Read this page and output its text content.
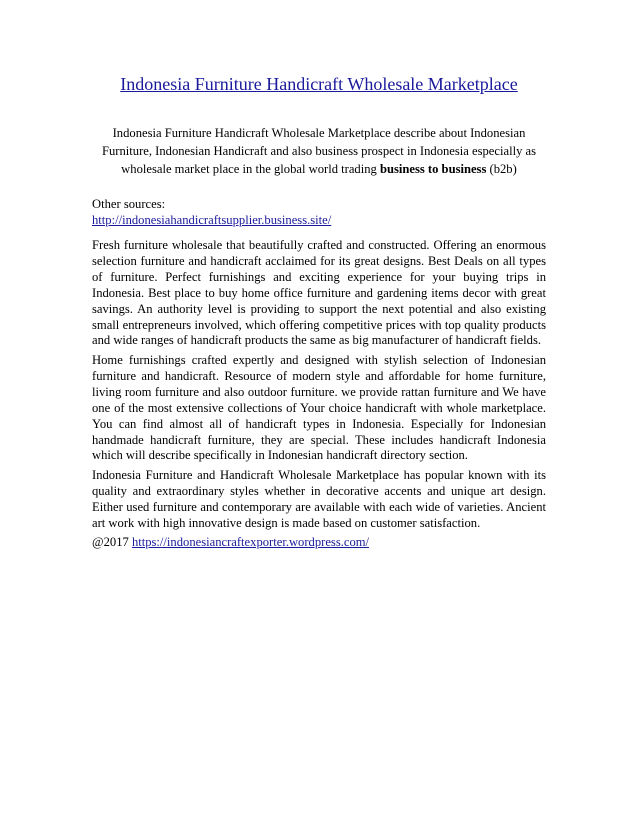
Indonesia Furniture Handicraft Wholesale Marketplace
Indonesia Furniture Handicraft Wholesale Marketplace describe about Indonesian Furniture, Indonesian Handicraft and also business prospect in Indonesia especially as wholesale market place in the global world trading business to business (b2b)
Other sources:
http://indonesiahandicraftsupplier.business.site/
Fresh furniture wholesale that beautifully crafted and constructed. Offering an enormous selection furniture and handicraft acclaimed for its great designs. Best Deals on all types of furniture. Perfect furnishings and exciting experience for your buying trips in Indonesia. Best place to buy home office furniture and gardening items decor with great savings. An authority level is providing to support the next potential and also existing small entrepreneurs involved, which offering competitive prices with top quality products and wide ranges of handicraft products the same as big manufacturer of handicraft fields.
Home furnishings crafted expertly and designed with stylish selection of Indonesian furniture and handicraft. Resource of modern style and affordable for home furniture, living room furniture and also outdoor furniture. we provide rattan furniture and We have one of the most extensive collections of Your choice handicraft with whole marketplace. You can find almost all of handicraft types in Indonesia. Especially for Indonesian handmade handicraft furniture, they are special. These includes handicraft Indonesia which will describe specifically in Indonesian handicraft directory section.
Indonesia Furniture and Handicraft Wholesale Marketplace has popular known with its quality and extraordinary styles whether in decorative accents and unique art design. Either used furniture and contemporary are available with each wide of varieties. Ancient art work with high innovative design is made based on customer satisfaction.
@2017 https://indonesiancraftexporter.wordpress.com/
